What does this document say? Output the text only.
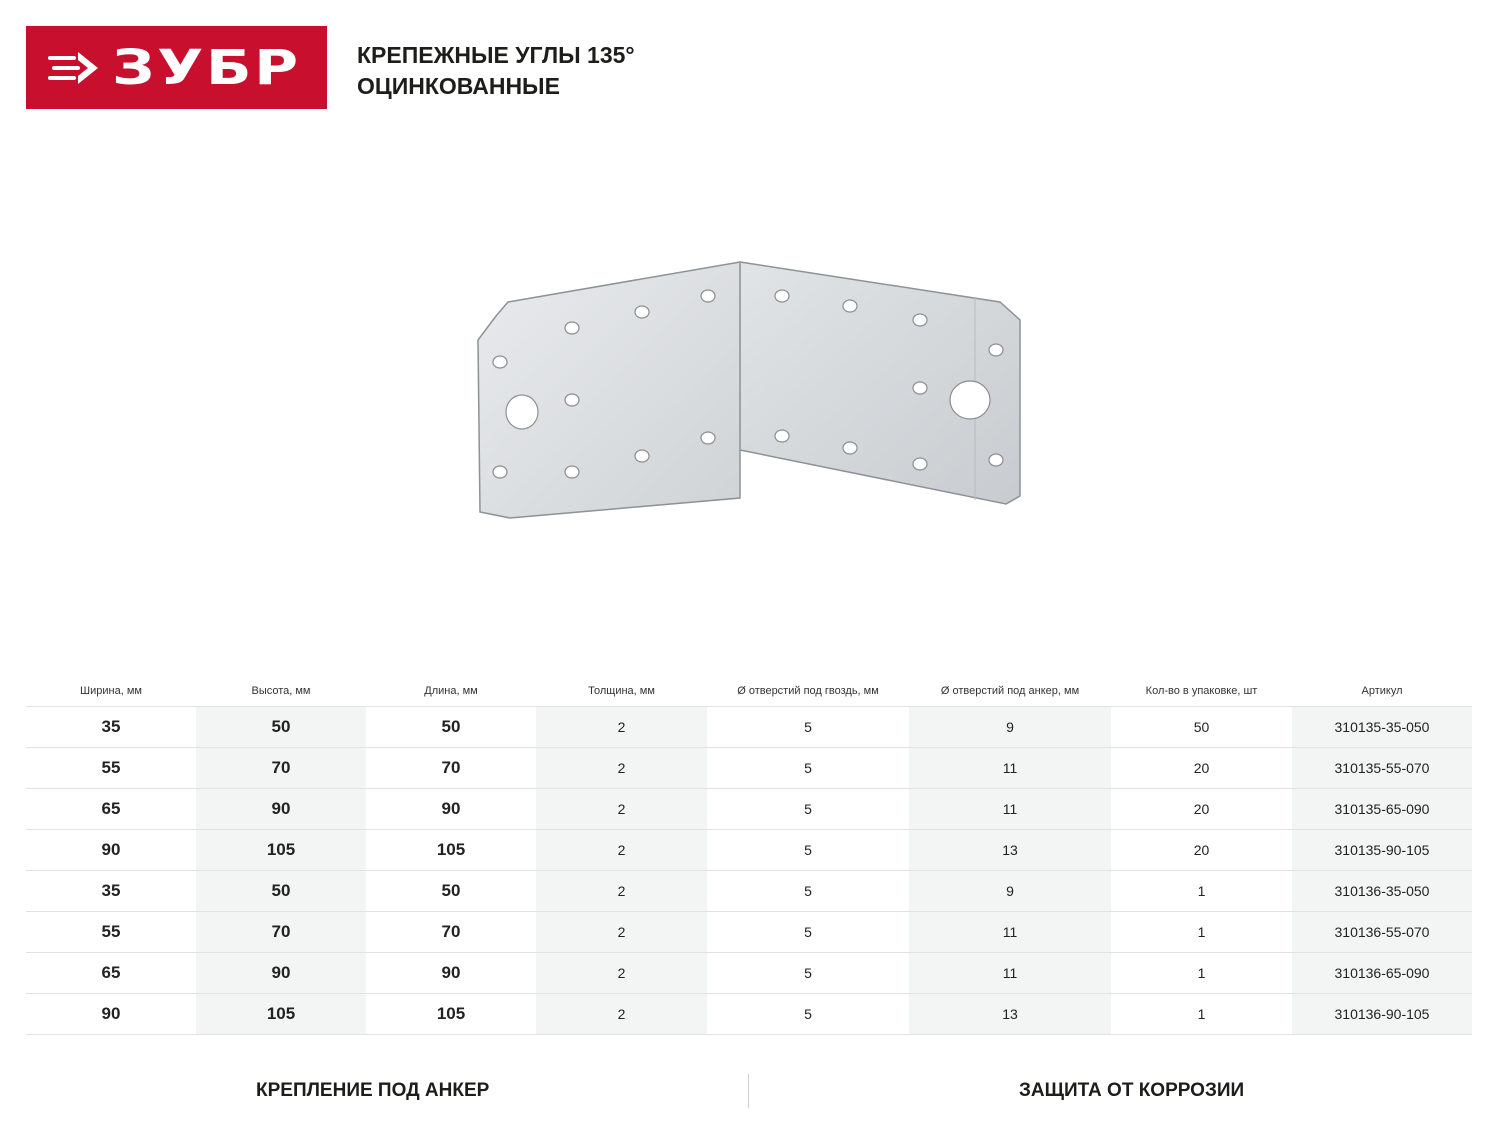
ЗУБР КРЕПЕЖНЫЕ УГЛЫ 135°
ОЦИНКОВАННЫЕ
Ширина, мм	Высота, мм	Длина, мм	Толщина, мм	Ø отверстий под гвоздь, мм	Ø отверстий под анкер, мм	Кол-во в упаковке, шт	Артикул
35	50	50	2	5	9	50	310135-35-050
55	70	70	2	5	11	20	310135-55-070
65	90	90	2	5	11	20	310135-65-090
90	105	105	2	5	13	20	310135-90-105
35	50	50	2	5	9	1	310136-35-050
55	70	70	2	5	11	1	310136-55-070
65	90	90	2	5	11	1	310136-65-090
90	105	105	2	5	13	1	310136-90-105
КРЕПЛЕНИЕ ПОД АНКЕР	ЗАЩИТА ОТ КОРРОЗИИ
